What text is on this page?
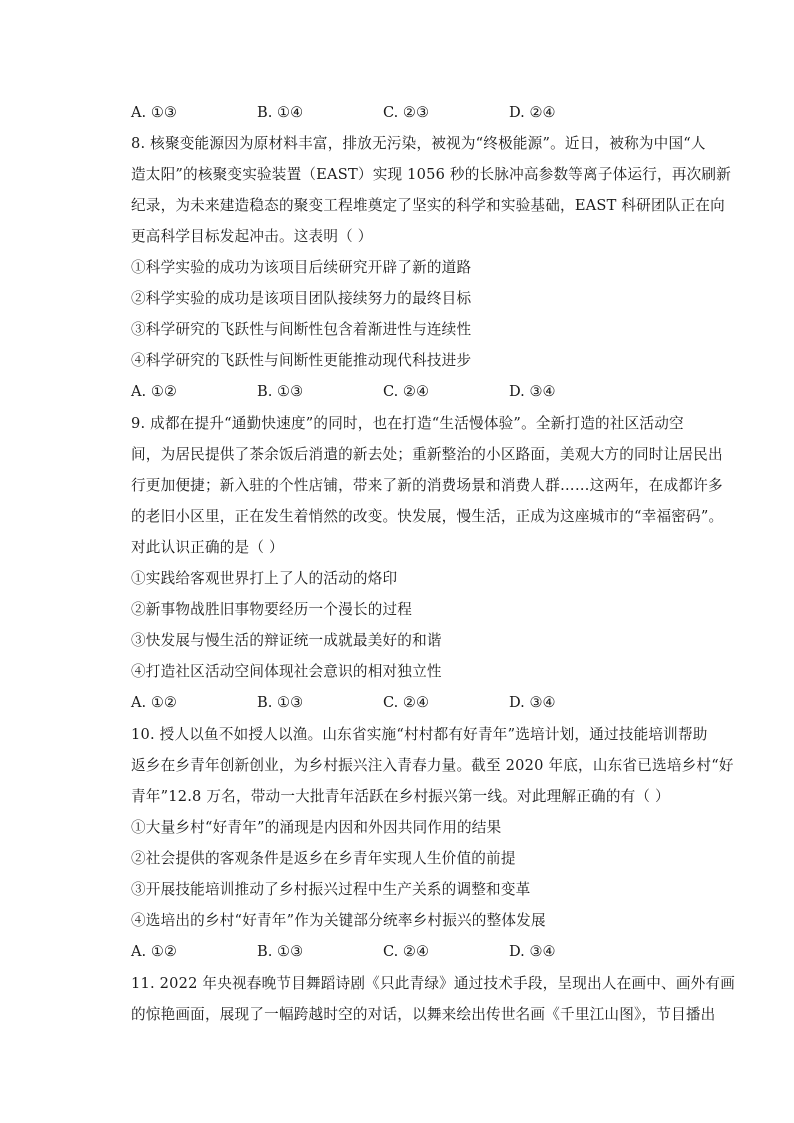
A. ①③	B. ①④	C. ②③	D. ②④
8. 核聚变能源因为原材料丰富，排放无污染，被视为“终极能源”。近日，被称为中国“人
造太阳”的核聚变实验装置（EAST）实现 1056 秒的长脉冲高参数等离子体运行，再次刷新
纪录，为未来建造稳态的聚变工程堆奠定了坚实的科学和实验基础，EAST 科研团队正在向
更高科学目标发起冲击。这表明（ ）
①科学实验的成功为该项目后续研究开辟了新的道路
②科学实验的成功是该项目团队接续努力的最终目标
③科学研究的飞跃性与间断性包含着渐进性与连续性
④科学研究的飞跃性与间断性更能推动现代科技进步
A. ①②	B. ①③	C. ②④	D. ③④
9. 成都在提升“通勤快速度”的同时，也在打造“生活慢体验”。全新打造的社区活动空
间，为居民提供了茶余饭后消遣的新去处；重新整治的小区路面，美观大方的同时让居民出
行更加便捷；新入驻的个性店铺，带来了新的消费场景和消费人群……这两年，在成都许多
的老旧小区里，正在发生着悄然的改变。快发展，慢生活，正成为这座城市的“幸福密码”。
对此认识正确的是（ ）
①实践给客观世界打上了人的活动的烙印
②新事物战胜旧事物要经历一个漫长的过程
③快发展与慢生活的辩证统一成就最美好的和谐
④打造社区活动空间体现社会意识的相对独立性
A. ①②	B. ①③	C. ②④	D. ③④
10. 授人以鱼不如授人以渔。山东省实施“村村都有好青年”选培计划，通过技能培训帮助
返乡在乡青年创新创业，为乡村振兴注入青春力量。截至 2020 年底，山东省已选培乡村“好
青年”12.8 万名，带动一大批青年活跃在乡村振兴第一线。对此理解正确的有（ ）
①大量乡村“好青年”的涌现是内因和外因共同作用的结果
②社会提供的客观条件是返乡在乡青年实现人生价值的前提
③开展技能培训推动了乡村振兴过程中生产关系的调整和变革
④选培出的乡村“好青年”作为关键部分统率乡村振兴的整体发展
A. ①②	B. ①③	C. ②④	D. ③④
11. 2022 年央视春晚节目舞蹈诗剧《只此青绿》通过技术手段，呈现出人在画中、画外有画
的惊艳画面，展现了一幅跨越时空的对话，以舞来绘出传世名画《千里江山图》，节目播出
